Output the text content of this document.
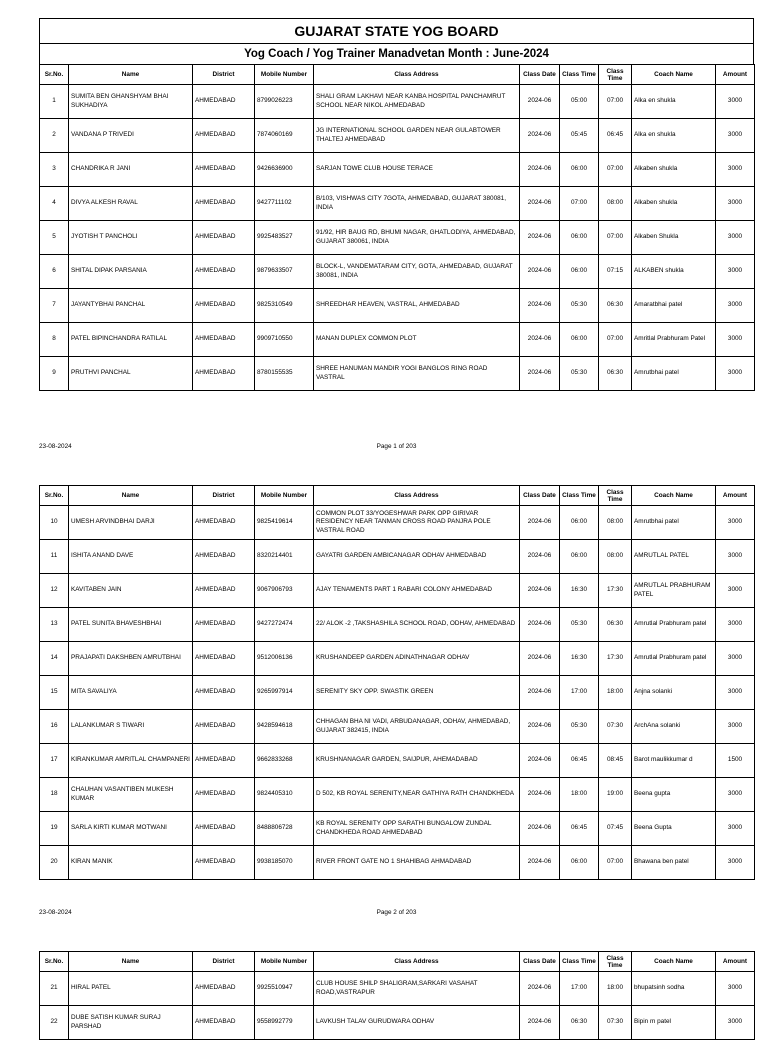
GUJARAT STATE YOG BOARD
Yog Coach / Yog Trainer Manadvetan Month : June-2024
Sr.No.	Name	District	Mobile Number	Class Address	Class Date	Class Time	Class Time	Coach Name	Amount
1	SUMITA BEN GHANSHYAM BHAI SUKHADIYA	AHMEDABAD	8799026223	SHALI GRAM LAKHAVI NEAR KANBA HOSPITAL PANCHAMRUT SCHOOL NEAR NIKOL AHMEDABAD	2024-06	05:00	07:00	Alka en shukla	3000
2	VANDANA P TRIVEDI	AHMEDABAD	7874060169	JG INTERNATIONAL SCHOOL GARDEN NEAR GULABTOWER THALTEJ AHMEDABAD	2024-06	05:45	06:45	Alka en shukla	3000
3	CHANDRIKA R JANI	AHMEDABAD	9426636900	SARJAN TOWE CLUB HOUSE TERACE	2024-06	06:00	07:00	Alkaben shukla	3000
4	DIVYA ALKESH RAVAL	AHMEDABAD	9427711102	B/103, VISHWAS CITY 7GOTA, AHMEDABAD, GUJARAT 380081, INDIA	2024-06	07:00	08:00	Alkaben shukla	3000
5	JYOTISH T PANCHOLI	AHMEDABAD	9925483527	91/92, HIR BAUG RD, BHUMI NAGAR, GHATLODIYA, AHMEDABAD, GUJARAT 380061, INDIA	2024-06	06:00	07:00	Alkaben Shukla	3000
6	SHITAL DIPAK PARSANIA	AHMEDABAD	9879633507	BLOCK-L, VANDEMATARAM CITY, GOTA, AHMEDABAD, GUJARAT 380081, INDIA	2024-06	06:00	07:15	ALKABEN shukla	3000
7	JAYANTYBHAI PANCHAL	AHMEDABAD	9825310549	SHREEDHAR HEAVEN, VASTRAL, AHMEDABAD	2024-06	05:30	06:30	Amaratbhai patel	3000
8	PATEL BIPINCHANDRA RATILAL	AHMEDABAD	9909710550	MANAN DUPLEX COMMON PLOT	2024-06	06:00	07:00	Amritlal Prabhuram Patel	3000
9	PRUTHVI PANCHAL	AHMEDABAD	8780155535	SHREE HANUMAN MANDIR YOGI BANGLOS RING ROAD VASTRAL	2024-06	05:30	06:30	Amrutbhai patel	3000
23-08-2024	Page 1 of 203
Sr.No.	Name	District	Mobile Number	Class Address	Class Date	Class Time	Class Time	Coach Name	Amount
10	UMESH ARVINDBHAI DARJI	AHMEDABAD	9825419614	COMMON PLOT 33/YOGESHWAR PARK OPP GIRIVAR RESIDENCY NEAR TANMAN CROSS ROAD PANJRA POLE VASTRAL ROAD	2024-06	06:00	08:00	Amrutbhai patel	3000
11	ISHITA ANAND DAVE	AHMEDABAD	8320214401	GAYATRI GARDEN AMBICANAGAR ODHAV AHMEDABAD	2024-06	06:00	08:00	AMRUTLAL PATEL	3000
12	KAVITABEN JAIN	AHMEDABAD	9067906793	AJAY TENAMENTS PART 1 RABARI COLONY AHMEDABAD	2024-06	16:30	17:30	AMRUTLAL PRABHURAM PATEL	3000
13	PATEL SUNITA BHAVESHBHAI	AHMEDABAD	9427272474	22/ ALOK -2 ,TAKSHASHILA SCHOOL ROAD, ODHAV, AHMEDABAD	2024-06	05:30	06:30	Amrutlal Prabhuram patel	3000
14	PRAJAPATI DAKSHBEN AMRUTBHAI	AHMEDABAD	9512006136	KRUSHANDEEP GARDEN ADINATHNAGAR ODHAV	2024-06	16:30	17:30	Amrutlal Prabhuram patel	3000
15	MITA SAVALIYA	AHMEDABAD	9265997914	SERENITY SKY OPP. SWASTIK GREEN	2024-06	17:00	18:00	Anjna solanki	3000
16	LALANKUMAR S TIWARI	AHMEDABAD	9428594618	CHHAGAN BHA NI VADI, ARBUDANAGAR, ODHAV, AHMEDABAD, GUJARAT 382415, INDIA	2024-06	05:30	07:30	ArchAna solanki	3000
17	KIRANKUMAR AMRITLAL CHAMPANERI	AHMEDABAD	9662833268	KRUSHNANAGAR GARDEN, SAIJPUR, AHEMADABAD	2024-06	06:45	08:45	Barot maulikkumar d	1500
18	CHAUHAN VASANTIBEN MUKESH KUMAR	AHMEDABAD	9824405310	D 502, KB ROYAL SERENITY,NEAR GATHIYA RATH CHANDKHEDA	2024-06	18:00	19:00	Beena gupta	3000
19	SARLA KIRTI KUMAR MOTWANI	AHMEDABAD	8488806728	KB ROYAL SERENITY OPP SARATHI BUNGALOW ZUNDAL CHANDKHEDA ROAD AHMEDABAD	2024-06	06:45	07:45	Beena Gupta	3000
20	KIRAN MANIK	AHMEDABAD	9938185070	RIVER FRONT GATE NO 1 SHAHIBAG AHMADABAD	2024-06	06:00	07:00	Bhawana ben patel	3000
23-08-2024	Page 2 of 203
Sr.No.	Name	District	Mobile Number	Class Address	Class Date	Class Time	Class Time	Coach Name	Amount
21	HIRAL PATEL	AHMEDABAD	9925510947	CLUB HOUSE SHILP SHALIGRAM,SARKARI VASAHAT ROAD,VASTRAPUR	2024-06	17:00	18:00	bhupatsinh sodha	3000
22	DUBE SATISH KUMAR SURAJ PARSHAD	AHMEDABAD	9558992779	LAVKUSH TALAV GURUDWARA ODHAV	2024-06	06:30	07:30	Bipin m patel	3000
